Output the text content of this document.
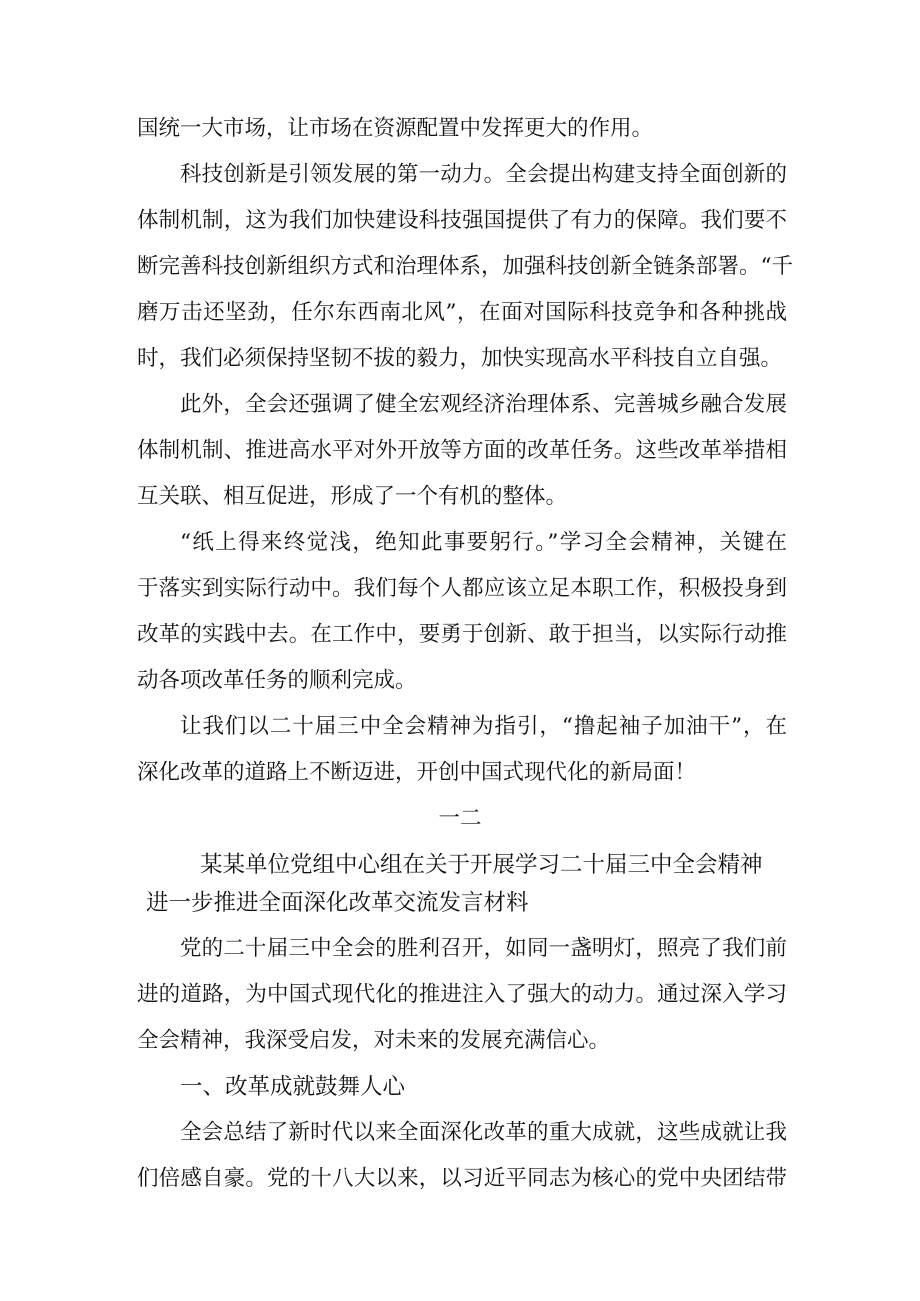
国统一大市场，让市场在资源配置中发挥更大的作用。
科技创新是引领发展的第一动力。全会提出构建支持全面创新的
体制机制，这为我们加快建设科技强国提供了有力的保障。我们要不
断完善科技创新组织方式和治理体系，加强科技创新全链条部署。“千
磨万击还坚劲，任尔东西南北风”，在面对国际科技竞争和各种挑战
时，我们必须保持坚韧不拔的毅力，加快实现高水平科技自立自强。
此外，全会还强调了健全宏观经济治理体系、完善城乡融合发展
体制机制、推进高水平对外开放等方面的改革任务。这些改革举措相
互关联、相互促进，形成了一个有机的整体。
“纸上得来终觉浅，绝知此事要躬行。”学习全会精神，关键在
于落实到实际行动中。我们每个人都应该立足本职工作，积极投身到
改革的实践中去。在工作中，要勇于创新、敢于担当，以实际行动推
动各项改革任务的顺利完成。
让我们以二十届三中全会精神为指引，“撸起袖子加油干”，在
深化改革的道路上不断迈进，开创中国式现代化的新局面！
一二
某某单位党组中心组在关于开展学习二十届三中全会精神
进一步推进全面深化改革交流发言材料
党的二十届三中全会的胜利召开，如同一盏明灯，照亮了我们前
进的道路，为中国式现代化的推进注入了强大的动力。通过深入学习
全会精神，我深受启发，对未来的发展充满信心。
一、改革成就鼓舞人心
全会总结了新时代以来全面深化改革的重大成就，这些成就让我
们倍感自豪。党的十八大以来，以习近平同志为核心的党中央团结带
